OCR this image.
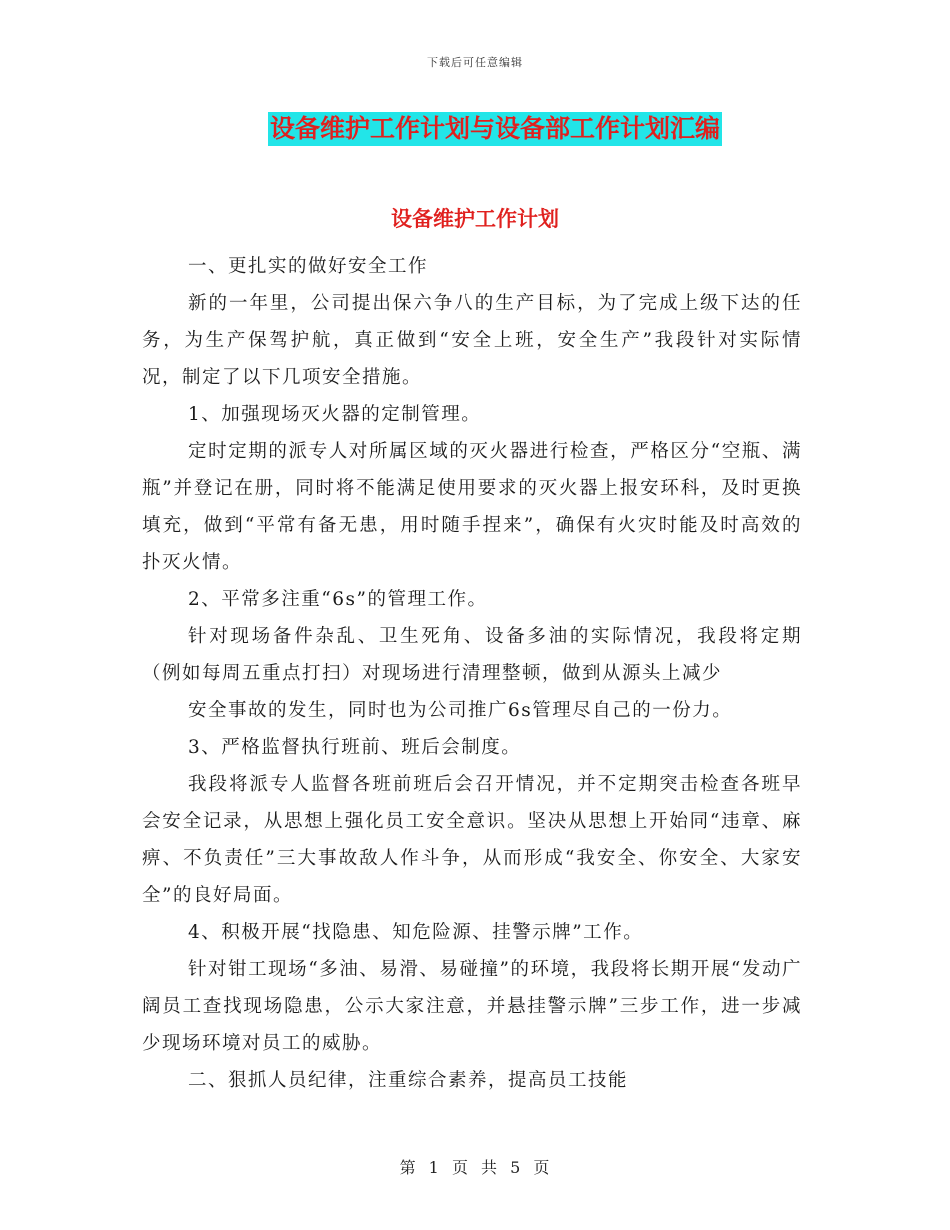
下载后可任意编辑
设备维护工作计划与设备部工作计划汇编
设备维护工作计划

一、更扎实的做好安全工作

新的一年里，公司提出保六争八的生产目标，为了完成上级下达的任务，为生产保驾护航，真正做到“安全上班，安全生产”我段针对实际情况，制定了以下几项安全措施。

1、加强现场灭火器的定制管理。

定时定期的派专人对所属区域的灭火器进行检查，严格区分“空瓶、满瓶”并登记在册，同时将不能满足使用要求的灭火器上报安环科，及时更换填充，做到“平常有备无患，用时随手捏来”，确保有火灾时能及时高效的扑灭火情。

2、平常多注重“6s”的管理工作。

针对现场备件杂乱、卫生死角、设备多油的实际情况，我段将定期（例如每周五重点打扫）对现场进行清理整顿，做到从源头上减少

安全事故的发生，同时也为公司推广6s管理尽自己的一份力。

3、严格监督执行班前、班后会制度。

我段将派专人监督各班前班后会召开情况，并不定期突击检查各班早会安全记录，从思想上强化员工安全意识。坚决从思想上开始同“违章、麻痹、不负责任”三大事故敌人作斗争，从而形成“我安全、你安全、大家安全”的良好局面。

4、积极开展“找隐患、知危险源、挂警示牌”工作。

针对钳工现场“多油、易滑、易碰撞”的环境，我段将长期开展“发动广阔员工查找现场隐患，公示大家注意，并悬挂警示牌”三步工作，进一步减少现场环境对员工的威胁。

二、狠抓人员纪律，注重综合素养，提高员工技能

第 1 页 共 5 页
